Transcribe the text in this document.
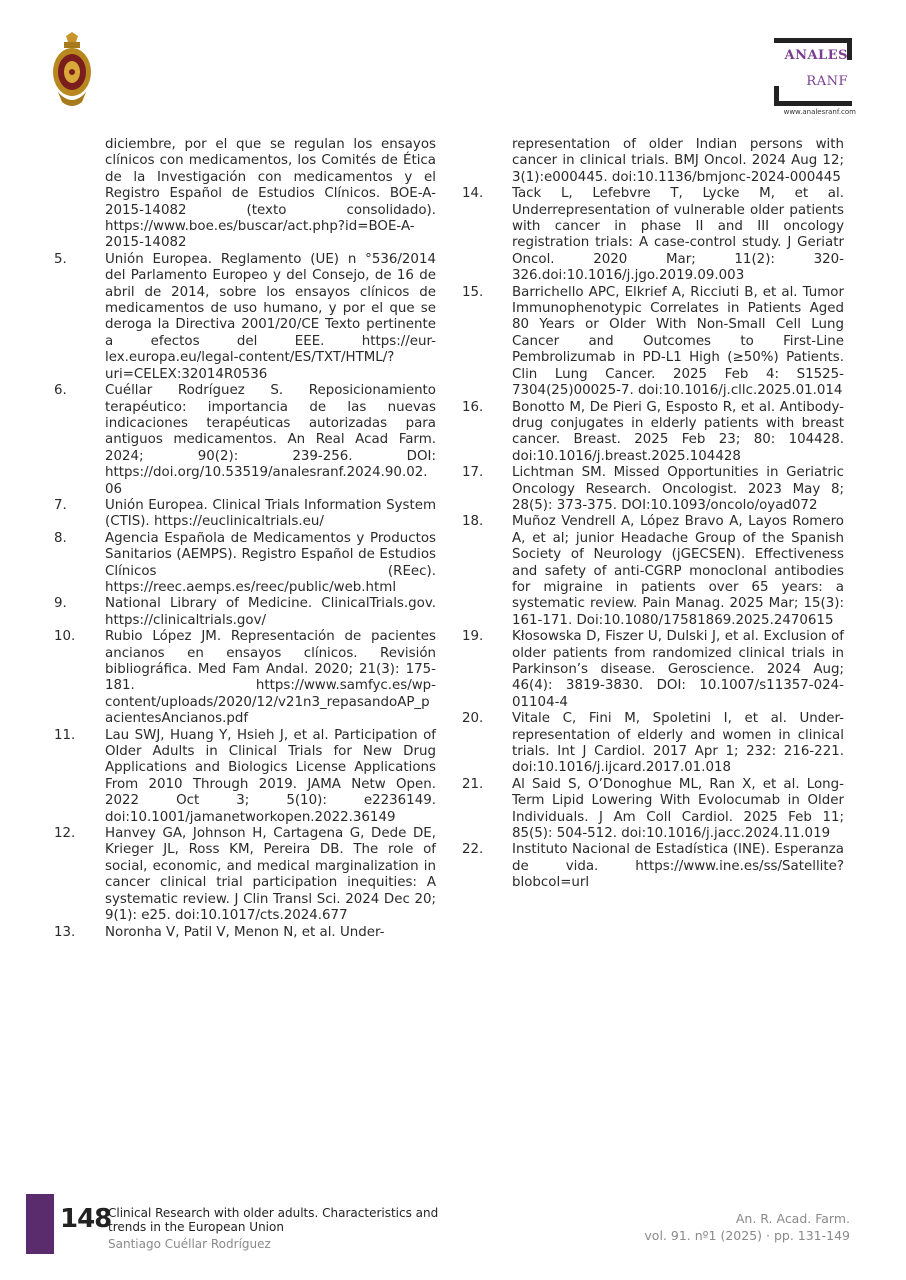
ANALES
RANF
www.analesranf.com
diciembre, por el que se regulan los ensayos clínicos con medicamentos, los Comités de Ética de la Investigación con medicamentos y el Registro Español de Estudios Clínicos. BOE-A-2015-14082 (texto consolidado). https://www.boe.es/buscar/act.php?id=BOE-A-2015-14082
5.	Unión Europea. Reglamento (UE) n °536/2014 del Parlamento Europeo y del Consejo, de 16 de abril de 2014, sobre los ensayos clínicos de medicamentos de uso humano, y por el que se deroga la Directiva 2001/20/CE Texto pertinente a efectos del EEE. https://eur-lex.europa.eu/legal-content/ES/TXT/HTML/?uri=CELEX:32014R0536
6.	Cuéllar Rodríguez S. Reposicionamiento terapéutico: importancia de las nuevas indicaciones terapéuticas autorizadas para antiguos medicamentos. An Real Acad Farm. 2024; 90(2): 239-256. DOI: https://doi.org/10.53519/analesranf.2024.90.02.06
7.	Unión Europea. Clinical Trials Information System (CTIS). https://euclinicaltrials.eu/
8.	Agencia Española de Medicamentos y Productos Sanitarios (AEMPS). Registro Español de Estudios Clínicos (REec). https://reec.aemps.es/reec/public/web.html
9.	National Library of Medicine. ClinicalTrials.gov. https://clinicaltrials.gov/
10. Rubio López JM. Representación de pacientes ancianos en ensayos clínicos. Revisión bibliográfica. Med Fam Andal. 2020; 21(3): 175-181. https://www.samfyc.es/wp-content/uploads/2020/12/v21n3_repasandoAP_pacientesAncianos.pdf
11. Lau SWJ, Huang Y, Hsieh J, et al. Participation of Older Adults in Clinical Trials for New Drug Applications and Biologics License Applications From 2010 Through 2019. JAMA Netw Open. 2022 Oct 3; 5(10): e2236149. doi:10.1001/jamanetworkopen.2022.36149
12. Hanvey GA, Johnson H, Cartagena G, Dede DE, Krieger JL, Ross KM, Pereira DB. The role of social, economic, and medical marginalization in cancer clinical trial participation inequities: A systematic review. J Clin Transl Sci. 2024 Dec 20; 9(1): e25. doi:10.1017/cts.2024.677
13. Noronha V, Patil V, Menon N, et al. Under-
representation of older Indian persons with cancer in clinical trials. BMJ Oncol. 2024 Aug 12; 3(1):e000445. doi:10.1136/bmjonc-2024-000445
14. Tack L, Lefebvre T, Lycke M, et al. Underrepresentation of vulnerable older patients with cancer in phase II and III oncology registration trials: A case-control study. J Geriatr Oncol. 2020 Mar; 11(2): 320-326.doi:10.1016/j.jgo.2019.09.003
15. Barrichello APC, Elkrief A, Ricciuti B, et al. Tumor Immunophenotypic Correlates in Patients Aged 80 Years or Older With Non-Small Cell Lung Cancer and Outcomes to First-Line Pembrolizumab in PD-L1 High (≥50%) Patients. Clin Lung Cancer. 2025 Feb 4: S1525-7304(25)00025-7. doi:10.1016/j.cllc.2025.01.014
16. Bonotto M, De Pieri G, Esposto R, et al. Antibody-drug conjugates in elderly patients with breast cancer. Breast. 2025 Feb 23; 80: 104428. doi:10.1016/j.breast.2025.104428
17. Lichtman SM. Missed Opportunities in Geriatric Oncology Research. Oncologist. 2023 May 8; 28(5): 373-375. DOI:10.1093/oncolo/oyad072
18. Muñoz Vendrell A, López Bravo A, Layos Romero A, et al; junior Headache Group of the Spanish Society of Neurology (jGECSEN). Effectiveness and safety of anti-CGRP monoclonal antibodies for migraine in patients over 65 years: a systematic review. Pain Manag. 2025 Mar; 15(3): 161-171. Doi:10.1080/17581869.2025.2470615
19. Kłosowska D, Fiszer U, Dulski J, et al. Exclusion of older patients from randomized clinical trials in Parkinson’s disease. Geroscience. 2024 Aug; 46(4): 3819-3830. DOI: 10.1007/s11357-024-01104-4
20. Vitale C, Fini M, Spoletini I, et al. Under-representation of elderly and women in clinical trials. Int J Cardiol. 2017 Apr 1; 232: 216-221. doi:10.1016/j.ijcard.2017.01.018
21. Al Said S, O’Donoghue ML, Ran X, et al. Long-Term Lipid Lowering With Evolocumab in Older Individuals. J Am Coll Cardiol. 2025 Feb 11; 85(5): 504-512. doi:10.1016/j.jacc.2024.11.019
22. Instituto Nacional de Estadística (INE). Esperanza de vida. https://www.ine.es/ss/Satellite?blobcol=url
148
Clinical Research with older adults. Characteristics and trends in the European Union
Santiago Cuéllar Rodríguez
An. R. Acad. Farm.
vol. 91. nº1 (2025) · pp. 131-149
